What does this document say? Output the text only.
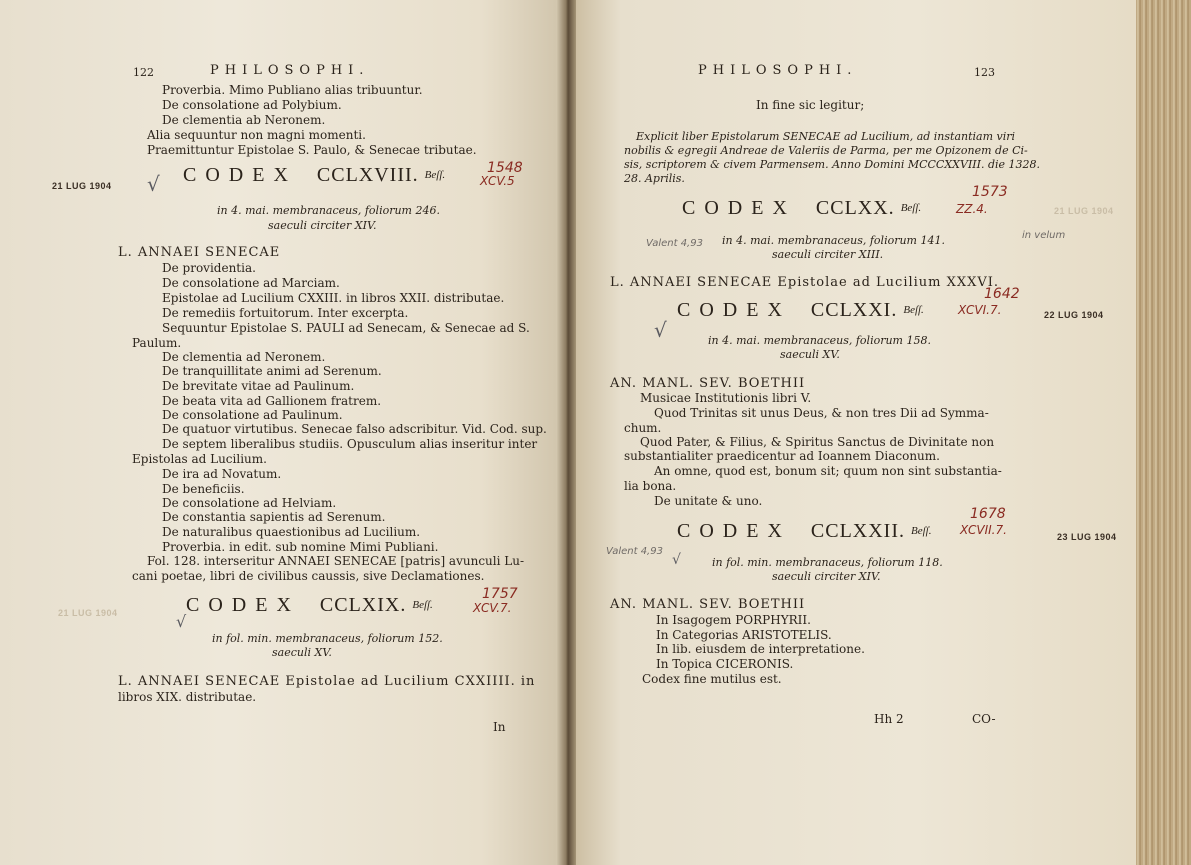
122	PHILOSOPHI.
Proverbia. Mimo Publiano alias tribuuntur.
De consolatione ad Polybium.
De clementia ab Neronem.
Alia sequuntur non magni momenti.
Praemittuntur Epistolae S. Paulo, & Senecae tributae.
21 LUG 1904 √ CODEX CCLXVIII. $^{Beſſ.}$	1548
XCV.5
in 4. mai. membranaceus, foliorum 246.
saeculi circiter XIV.
L. ANNAEI SENECAE
De providentia.
De consolatione ad Marciam.
Epistolae ad Lucilium CXXIII. in libros XXII. distributae.
De remediis fortuitorum. Inter excerpta.
Sequuntur Epistolae S. PAULI ad Senecam, & Senecae ad S.
Paulum.
De clementia ad Neronem.
De tranquillitate animi ad Serenum.
De brevitate vitae ad Paulinum.
De beata vita ad Gallionem fratrem.
De consolatione ad Paulinum.
De quatuor virtutibus. Senecae falso adscribitur. Vid. Cod. sup.
De septem liberalibus studiis. Opusculum alias inseritur inter
Epistolas ad Lucilium.
De ira ad Novatum.
De beneficiis.
De consolatione ad Helviam.
De constantia sapientis ad Serenum.
De naturalibus quaestionibus ad Lucilium.
Proverbia. in edit. sub nomine Mimi Publiani.
Fol. 128. interseritur ANNAEI SENECAE [patris] avunculi Lu-
cani poetae, libri de civilibus caussis, sive Declamationes.
21 LUG 1904	√
CODEX CCLXIX. $^{Beſſ.}$
1757
XCV.7.
in fol. min. membranaceus, foliorum 152.
saeculi XV.
L. ANNAEI SENECAE Epistolae ad Lucilium CXXIIII. in
libros XIX. distributae.
In
PHILOSOPHI.	123
In fine sic legitur;
Explicit liber Epistolarum SENECAE ad Lucilium, ad instantiam viri
nobilis & egregii Andreae de Valeriis de Parma, per me Opizonem de Ci-
sis, scriptorem & civem Parmensem. Anno Domini MCCCXXVIII. die 1328.
28. Aprilis.
CODEX CCLXX. $^{Beſſ.}$
1573
ZZ.4.	21 LUG 1904
in velum
Valent 4,93 in 4. mai. membranaceus, foliorum 141.
saeculi circiter XIII.
L. ANNAEI SENECAE Epistolae ad Lucilium XXXVI.
√
CODEX CCLXXI. $^{Beſſ.}$
1642
XCVI.7.	22 LUG 1904
in 4. mai. membranaceus, foliorum 158.
saeculi XV.
AN. MANL. SEV. BOETHII
Musicae Institutionis libri V.
Quod Trinitas sit unus Deus, & non tres Dii ad Symma-
chum.
Quod Pater, & Filius, & Spiritus Sanctus de Divinitate non
substantialiter praedicentur ad Ioannem Diaconum.
An omne, quod est, bonum sit; quum non sint substantia-
lia bona.
De unitate & uno.
CODEX CCLXXII. $^{Beſſ.}$
1678
XCVII.7.	23 LUG 1904
Valent 4,93
√	in fol. min. membranaceus, foliorum 118.
saeculi circiter XIV.
AN. MANL. SEV. BOETHII
In Isagogem PORPHYRII.
In Categorias ARISTOTELIS.
In lib. eiusdem de interpretatione.
In Topica CICERONIS.
Codex fine mutilus est.
Hh 2	CO-
